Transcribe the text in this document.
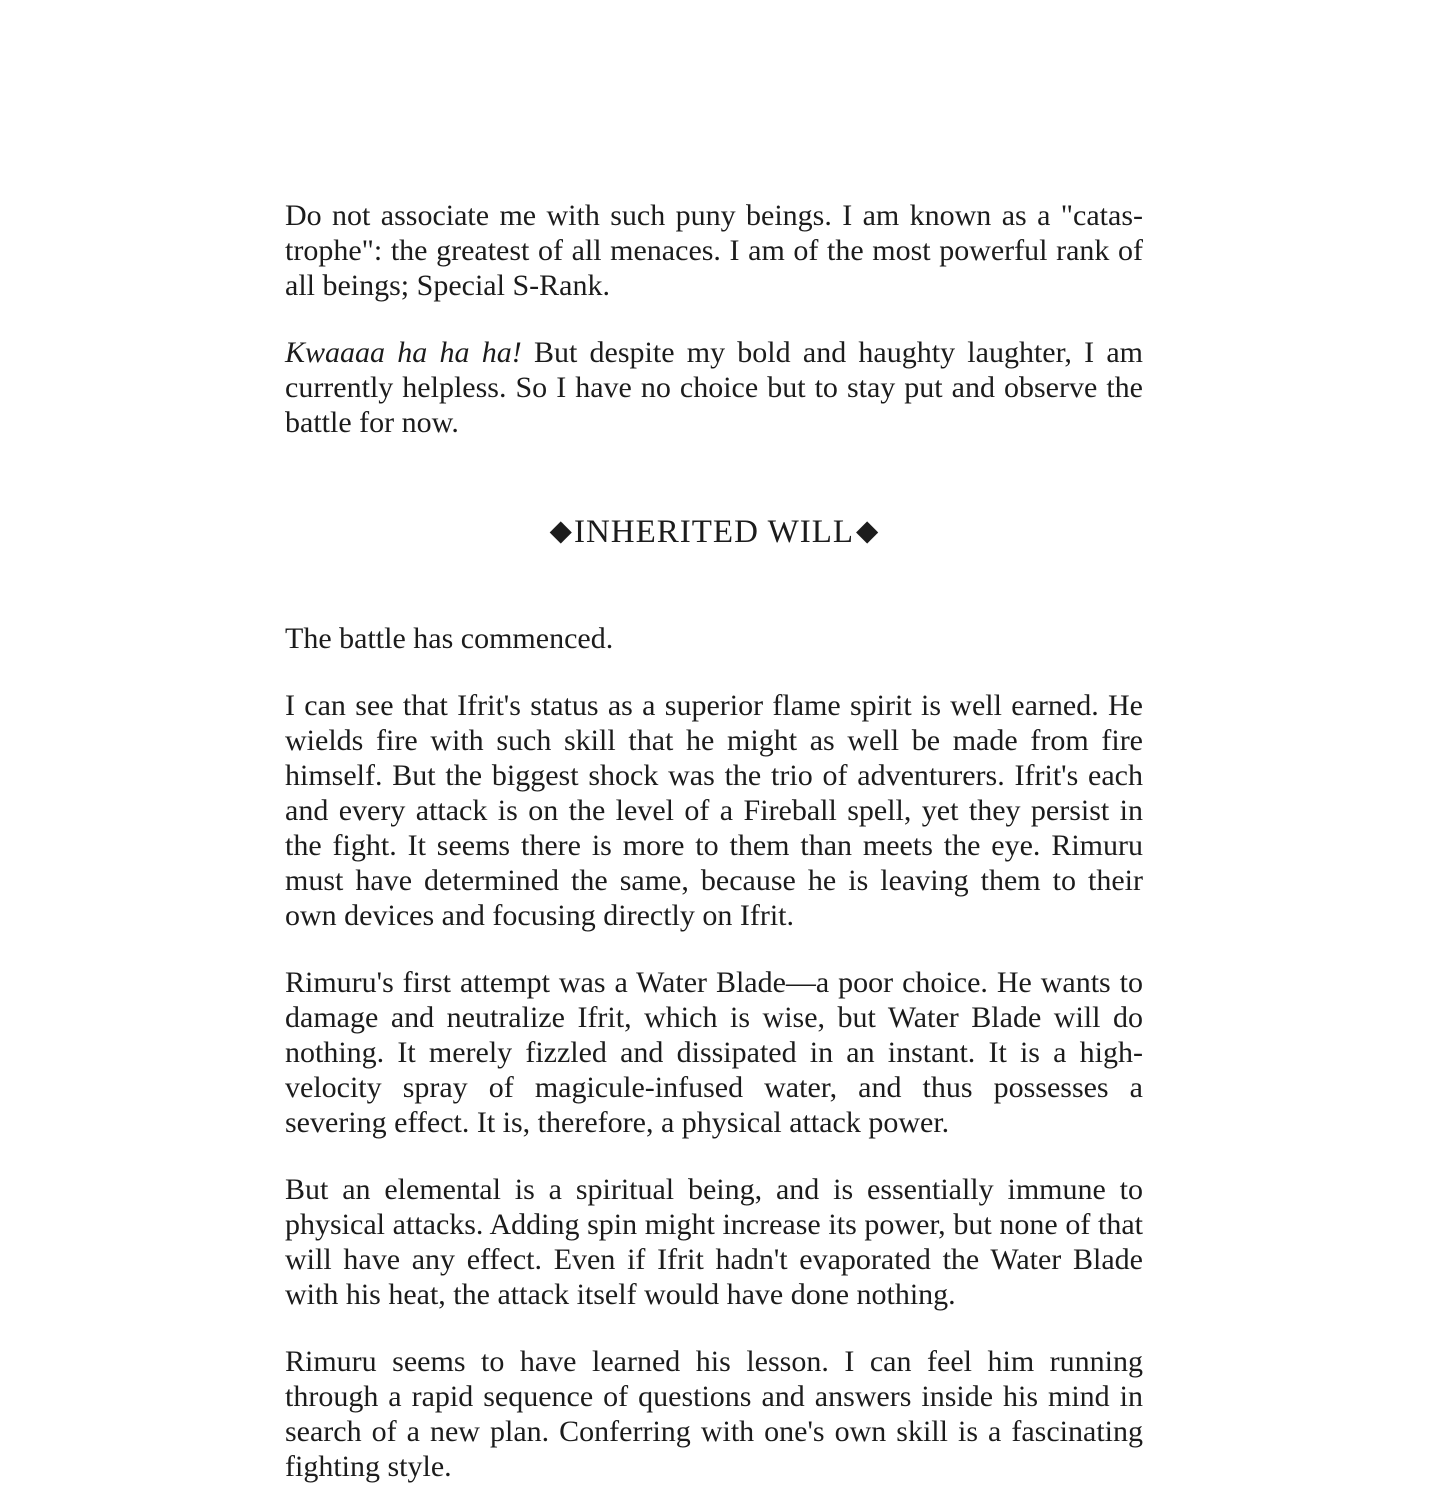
Do not associate me with such puny beings. I am known as a "catastrophe": the greatest of all menaces. I am of the most powerful rank of all beings; Special S-Rank.

Kwaaaa ha ha ha! But despite my bold and haughty laughter, I am currently helpless. So I have no choice but to stay put and observe the battle for now.

◆INHERITED WILL◆

The battle has commenced.

I can see that Ifrit's status as a superior flame spirit is well earned. He wields fire with such skill that he might as well be made from fire himself. But the biggest shock was the trio of adventurers. Ifrit's each and every attack is on the level of a Fireball spell, yet they persist in the fight. It seems there is more to them than meets the eye. Rimuru must have determined the same, because he is leaving them to their own devices and focusing directly on Ifrit.

Rimuru's first attempt was a Water Blade—a poor choice. He wants to damage and neutralize Ifrit, which is wise, but Water Blade will do nothing. It merely fizzled and dissipated in an instant. It is a high-velocity spray of magicule-infused water, and thus possesses a severing effect. It is, therefore, a physical attack power.

But an elemental is a spiritual being, and is essentially immune to physical attacks. Adding spin might increase its power, but none of that will have any effect. Even if Ifrit hadn't evaporated the Water Blade with his heat, the attack itself would have done nothing.

Rimuru seems to have learned his lesson. I can feel him running through a rapid sequence of questions and answers inside his mind in search of a new plan. Conferring with one's own skill is a fascinating fighting style.
